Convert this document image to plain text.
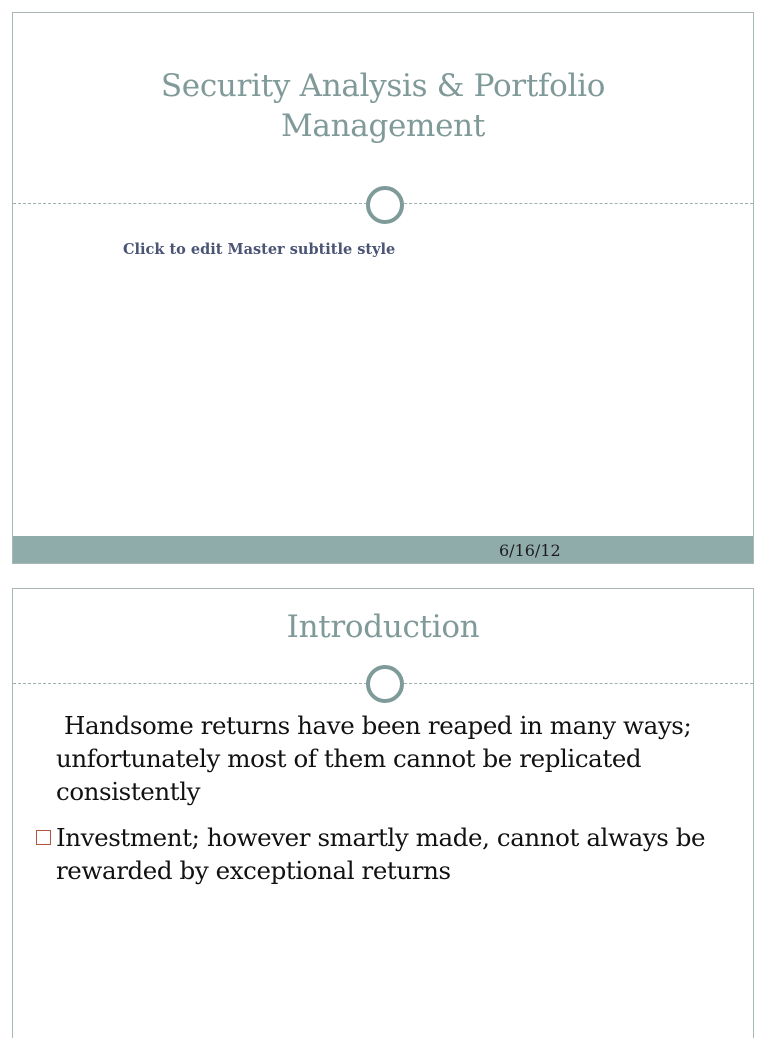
Security Analysis & Portfolio
Management
Click to edit Master subtitle style
6/16/12
Introduction
Handsome returns have been reaped in many ways; unfortunately most of them cannot be replicated consistently
Investment; however smartly made, cannot always be rewarded by exceptional returns
